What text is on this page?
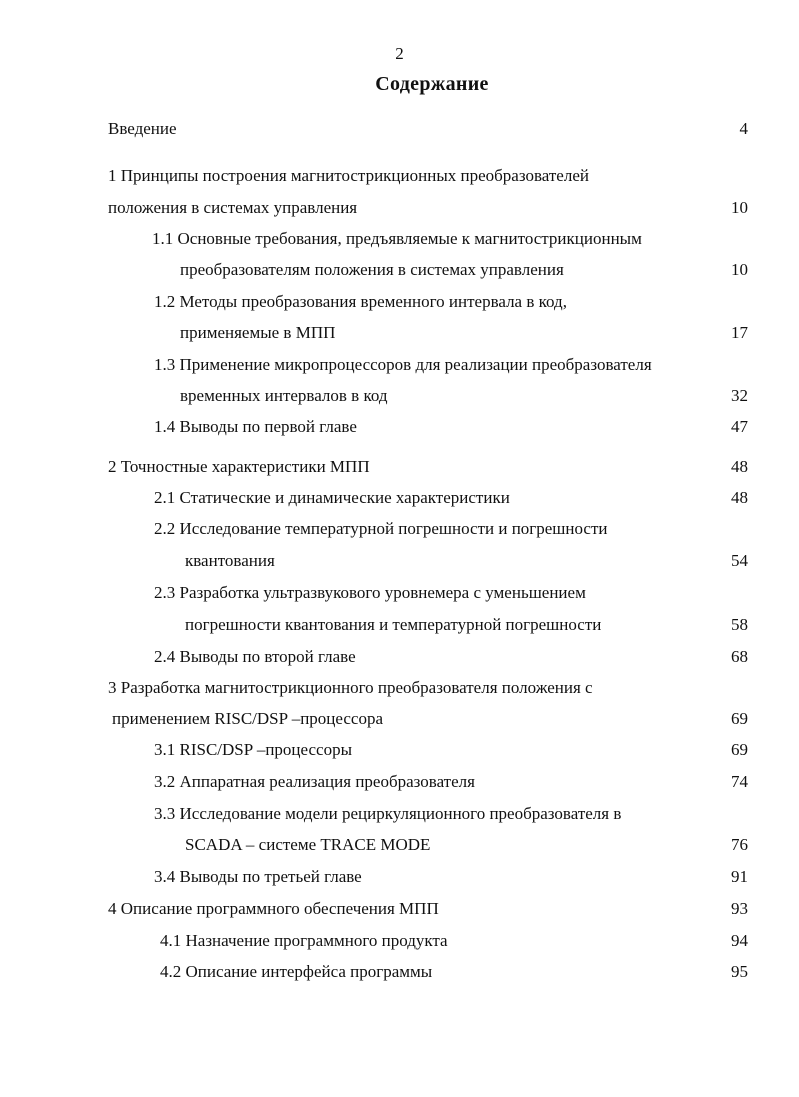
2
Содержание
Введение	4
1 Принципы построения магнитострикционных преобразователей
положения в системах управления	10
1.1 Основные требования, предъявляемые к магнитострикционным
преобразователям положения в системах управления	10
1.2 Методы преобразования временного интервала в код,
применяемые в МПП	17
1.3 Применение микропроцессоров для реализации преобразователя
временных интервалов в код	32
1.4 Выводы по первой главе	47
2 Точностные характеристики МПП	48
2.1 Статические и динамические характеристики	48
2.2 Исследование температурной погрешности и погрешности
квантования	54
2.3 Разработка ультразвукового уровнемера с уменьшением
погрешности квантования и температурной погрешности	58
2.4 Выводы по второй главе	68
3 Разработка магнитострикционного преобразователя положения с
применением RISC/DSP –процессора	69
3.1 RISC/DSP –процессоры	69
3.2 Аппаратная реализация преобразователя	74
3.3 Исследование модели рециркуляционного преобразователя в
SCADA – системе TRACE MODE	76
3.4 Выводы по третьей главе	91
4 Описание программного обеспечения МПП	93
4.1 Назначение программного продукта	94
4.2 Описание интерфейса программы	95
